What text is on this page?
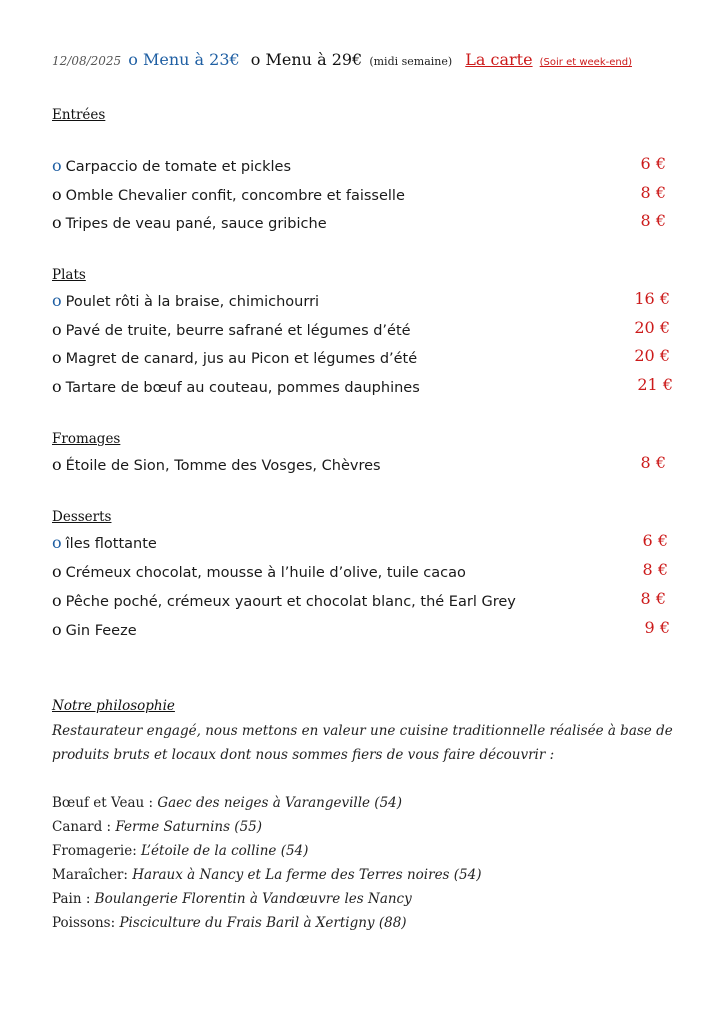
12/08/2025 o Menu à 23€ o Menu à 29€ (midi semaine) La carte (Soir et week-end)
Entrées
o Carpaccio de tomate et pickles	6 €
o Omble Chevalier confit, concombre et faisselle	8 €
o Tripes de veau pané, sauce gribiche	8 €
Plats
o Poulet rôti à la braise, chimichourri	16 €
o Pavé de truite, beurre safrané et légumes d’été	20 €
o Magret de canard, jus au Picon et légumes d’été	20 €
o Tartare de bœuf au couteau, pommes dauphines	21 €
Fromages
o Étoile de Sion, Tomme des Vosges, Chèvres	8 €
Desserts
o îles flottante	6 €
o Crémeux chocolat, mousse à l’huile d’olive, tuile cacao	8 €
o Pêche poché, crémeux yaourt et chocolat blanc, thé Earl Grey	8 €
o Gin Feeze	9 €
Notre philosophie
Restaurateur engagé, nous mettons en valeur une cuisine traditionnelle réalisée à base de produits bruts et locaux dont nous sommes fiers de vous faire découvrir :
Bœuf et Veau : Gaec des neiges à Varangeville (54)
Canard : Ferme Saturnins (55)
Fromagerie: L’étoile de la colline (54)
Maraîcher: Haraux à Nancy et La ferme des Terres noires (54)
Pain : Boulangerie Florentin à Vandœuvre les Nancy
Poissons: Pisciculture du Frais Baril à Xertigny (88)
